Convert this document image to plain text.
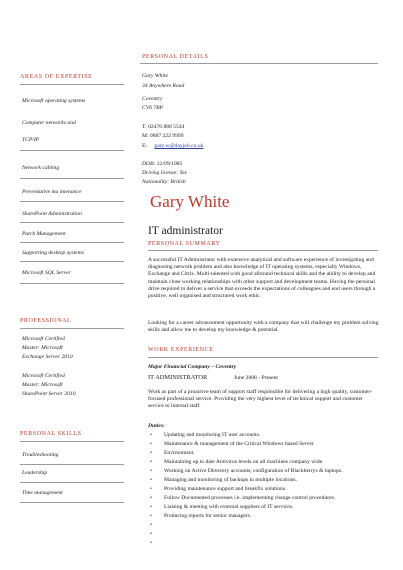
AREAS OF EXPERTISE
Microsoft operating systems
Computer networks and
TCP/IP
Network cabling
Preventative ma intenance
SharePoint Administration
Patch Management
Supporting desktop systems
Microsoft SQL Server
PROFESSIONAL
Microsoft Certified
Master: Microsoft
Exchange Server 2010
Microsoft Certified
Master: Microsoft
SharePoint Server 2010
PERSONAL SKILLS
Troubleshooting
Leadership
Time management
PERSONAL DETAILS
Gary White
34 Anywhere Road
Coventry
CV6 7BP
T: 02476 888 5544
M: 0887 222 9999
E: gary.w@dayjob.co.uk
DOB: 12/09/1985
Driving license: Yes
Nationality: British
Gary White
IT administrator
PERSONAL SUMMARY
A successful IT Administrator with extensive analytical and software experience of investigating and diagnosing network problem and also knowledge of IT operating systems, especially Windows, Exchange and Citrix. Multi-talented with good allround technical skills and the ability to develop and maintain close working relationships with other support and development teams. Having the personal drive required to deliver a service that exceeds the expectations of colleagues and end users through a positive, well organised and structured work ethic.
Looking for a career advancement opportunity with a company that will challenge my problem solving skills and allow me to develop my knowledge & potential.
WORK EXPERIENCE
Major Financial Company – Coventry
IT ADMINISTRATOR	June 2008 - Present
Work as part of a proactive team of support staff responsible for delivering a high quality, customer-focused professional service. Providing the very highest level of technical support and customer service to internal staff.
Duties:
• Updating and monitoring IT user accounts.
• Maintenance & management of the Critical Windows based Server
• Environment.
• Maintaining up to date Antivirus levels on all machines company wide.
• Working on Active Directory accounts, configuration of Blackberrys & laptops.
• Managing and monitoring of backups in multiple locations.
• Providing maintenance support and breakfix solutions.
• Follow Documented processes i.e. implementing change control procedures.
• Liaising & meeting with external suppliers of IT services.
• Producing reports for senior managers.
•
•
•
